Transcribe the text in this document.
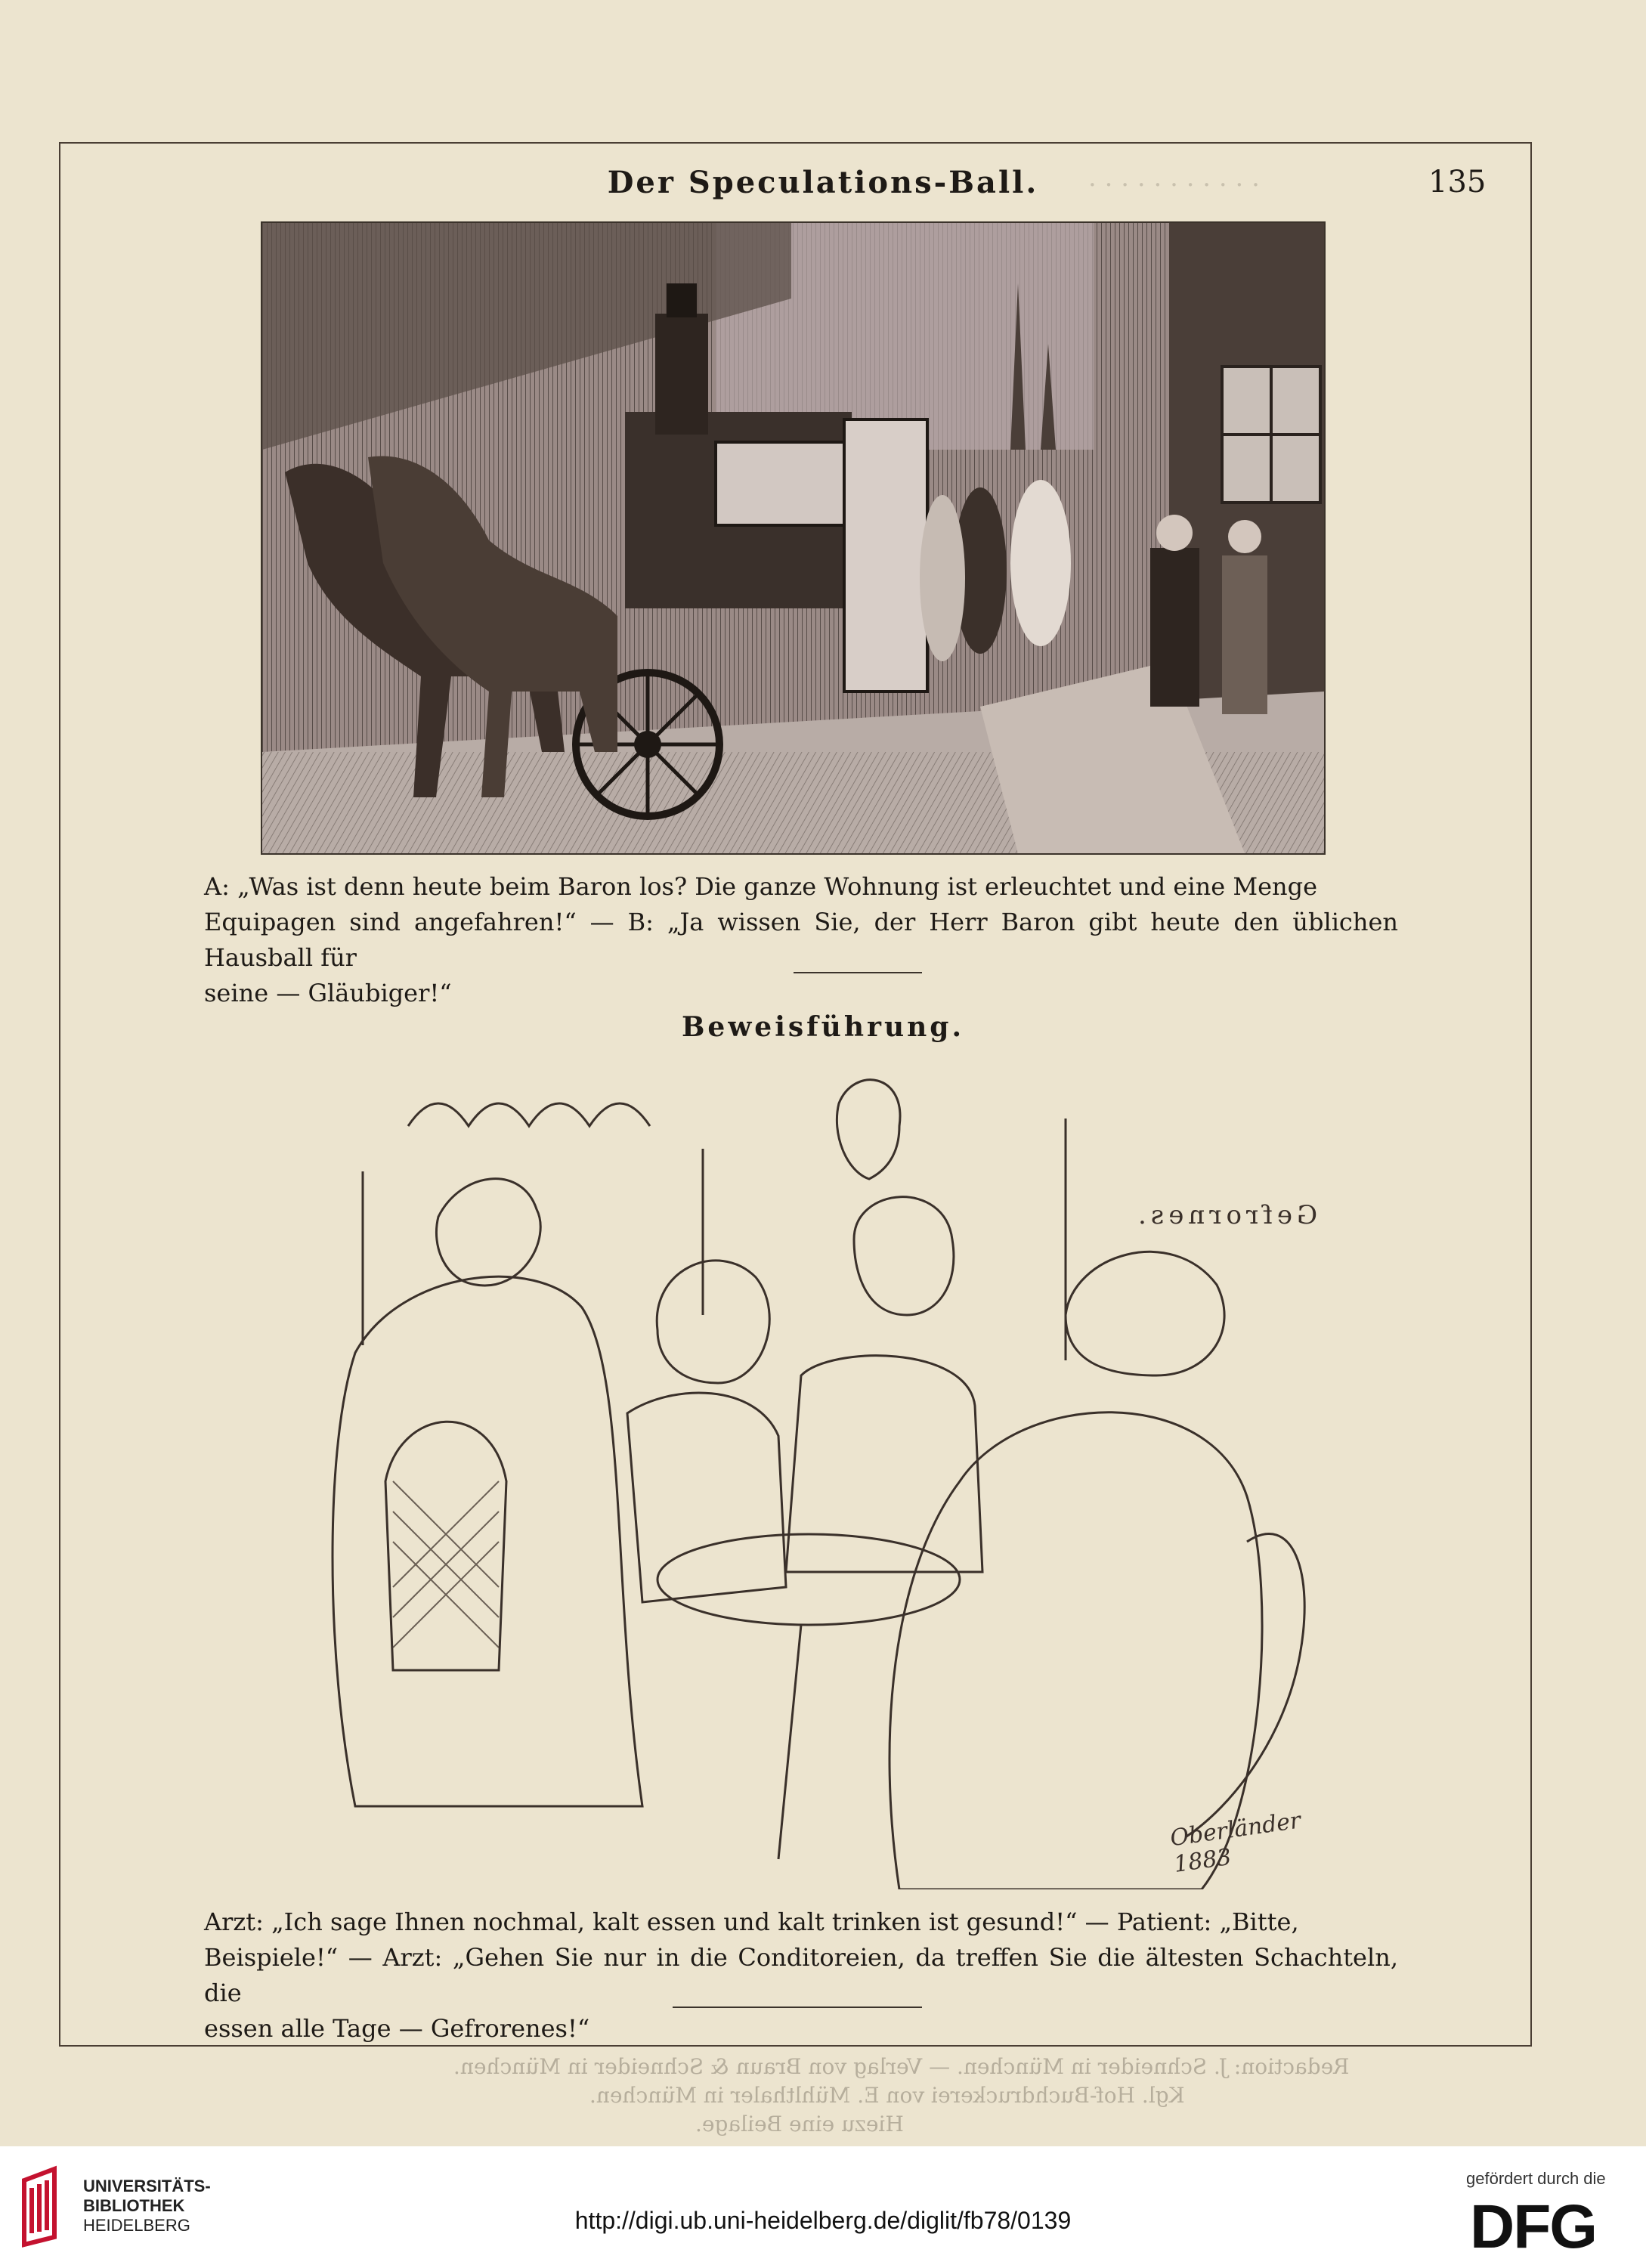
· · · · · · · · · · ·
Der Speculations-Ball.	135
A: „Was ist denn heute beim Baron los? Die ganze Wohnung ist erleuchtet und eine Menge
Equipagen sind angefahren!“ — B: „Ja wissen Sie, der Herr Baron gibt heute den üblichen Hausball für
seine — Gläubiger!“
Beweisführung.
Gefrornes.
Oberländer 1883
Arzt: „Ich sage Ihnen nochmal, kalt essen und kalt trinken ist gesund!“ — Patient: „Bitte,
Beispiele!“ — Arzt: „Gehen Sie nur in die Conditoreien, da treffen Sie die ältesten Schachteln, die
essen alle Tage — Gefrorenes!“
Redaction: J. Schneider in München. — Verlag von Braun & Schneider in München.
Kgl. Hof-Buchdruckerei von E. Mühlthaler in München.
Hiezu eine Beilage.
UNIVERSITÄTS-
BIBLIOTHEK
HEIDELBERG	http://digi.ub.uni-heidelberg.de/diglit/fb78/0139
gefördert durch die
DFG
